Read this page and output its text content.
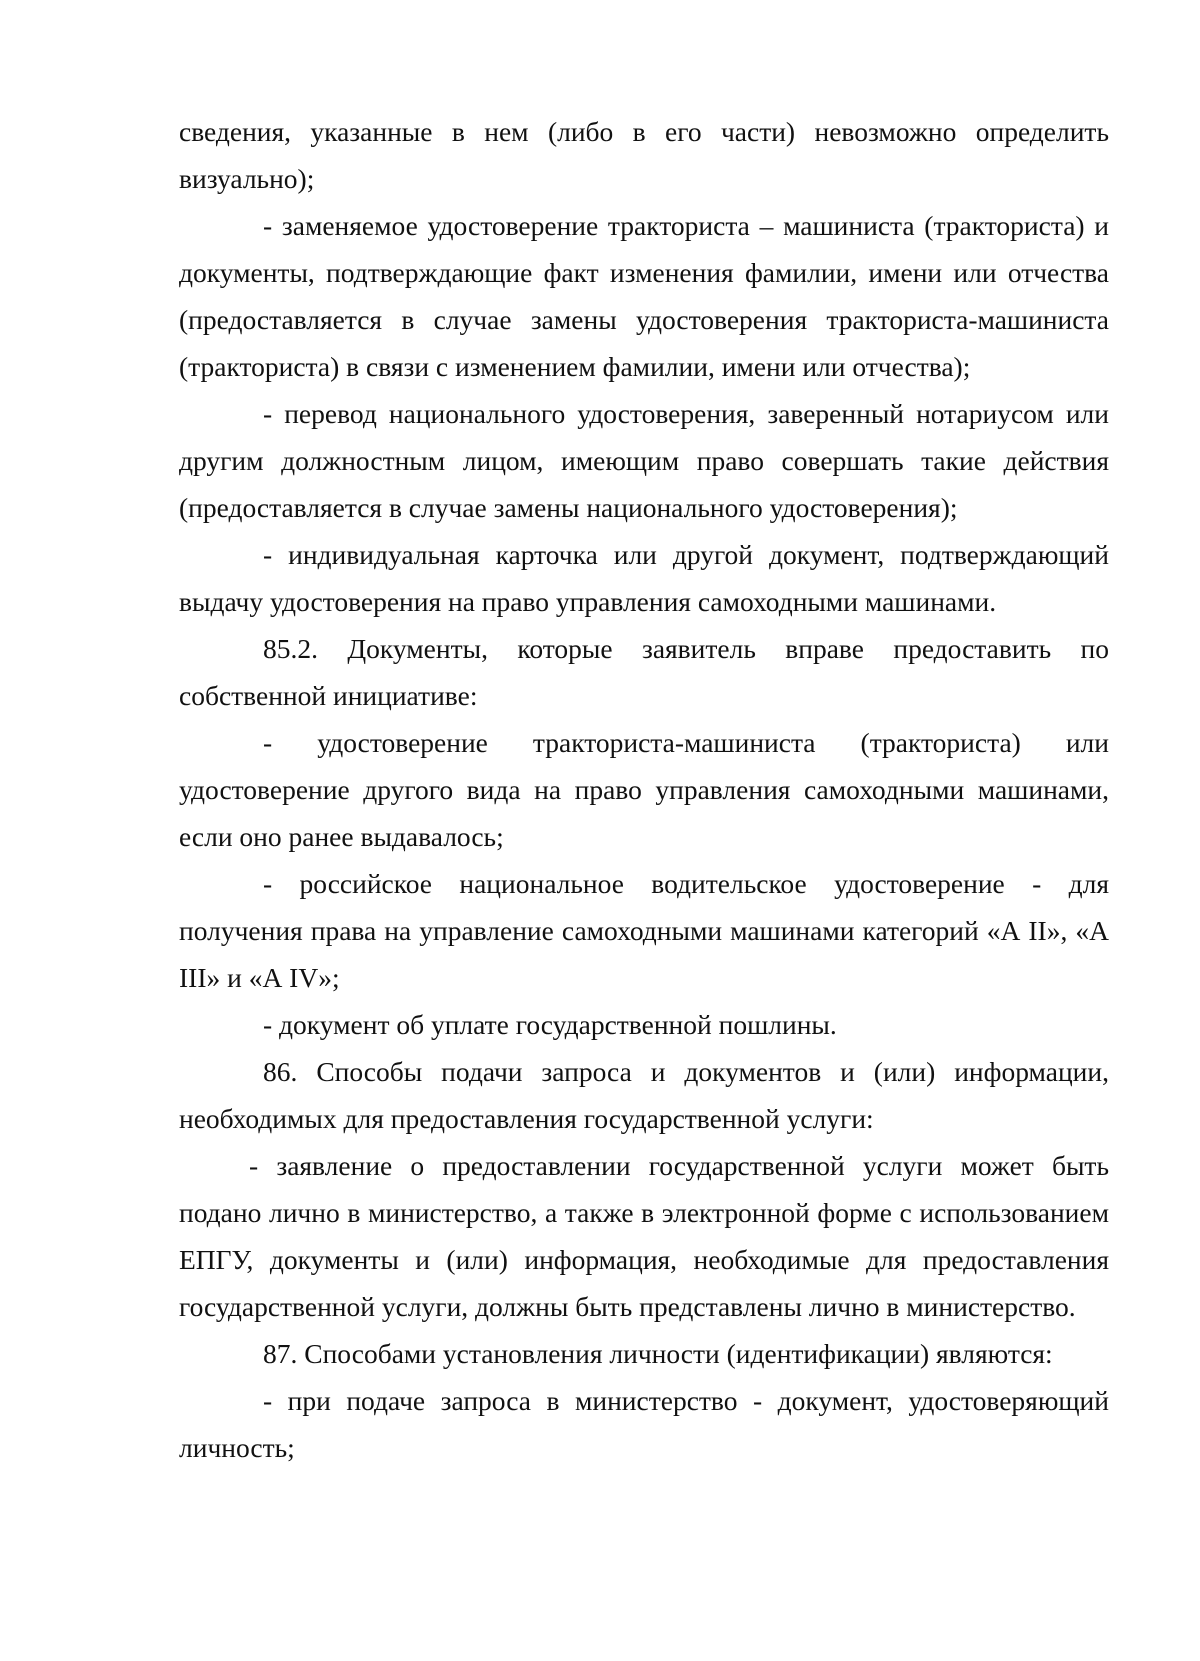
сведения, указанные в нем (либо в его части) невозможно определить визуально);

- заменяемое удостоверение тракториста – машиниста (тракториста) и документы, подтверждающие факт изменения фамилии, имени или отчества (предоставляется в случае замены удостоверения тракториста-машиниста (тракториста) в связи с изменением фамилии, имени или отчества);

- перевод национального удостоверения, заверенный нотариусом или другим должностным лицом, имеющим право совершать такие действия (предоставляется в случае замены национального удостоверения);

- индивидуальная карточка или другой документ, подтверждающий выдачу удостоверения на право управления самоходными машинами.

85.2. Документы, которые заявитель вправе предоставить по собственной инициативе:

- удостоверение тракториста-машиниста (тракториста) или удостоверение другого вида на право управления самоходными машинами, если оно ранее выдавалось;

- российское национальное водительское удостоверение - для получения права на управление самоходными машинами категорий «А II», «А III» и «А IV»;

- документ об уплате государственной пошлины.

86. Способы подачи запроса и документов и (или) информации, необходимых для предоставления государственной услуги:

- заявление о предоставлении государственной услуги может быть подано лично в министерство, а также в электронной форме с использованием ЕПГУ, документы и (или) информация, необходимые для предоставления государственной услуги, должны быть представлены лично в министерство.

87. Способами установления личности (идентификации) являются:

- при подаче запроса в министерство - документ, удостоверяющий личность;
